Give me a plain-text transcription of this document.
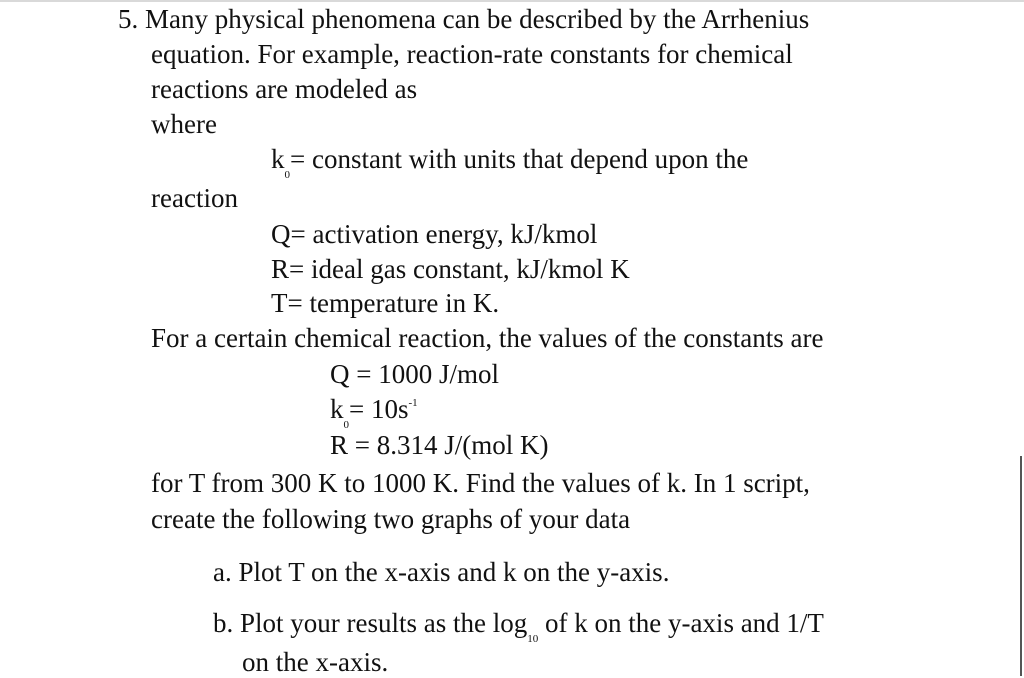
5. Many physical phenomena can be described by the Arrhenius

equation. For example, reaction-rate constants for chemical

reactions are modeled as

where

$k_0=$ constant with units that depend upon the

reaction

Q= activation energy, kJ/kmol

R= ideal gas constant, kJ/kmol K

T= temperature in K.

For a certain chemical reaction, the values of the constants are

Q = 1000 J/mol

$k_0= 10s^{-1}$

R = 8.314 J/(mol K)

for T from 300 K to 1000 K. Find the values of k. In 1 script,

create the following two graphs of your data

a. Plot T on the x-axis and k on the y-axis.

b. Plot your results as the $\log_{10}$ of k on the y-axis and 1/T

on the x-axis.
